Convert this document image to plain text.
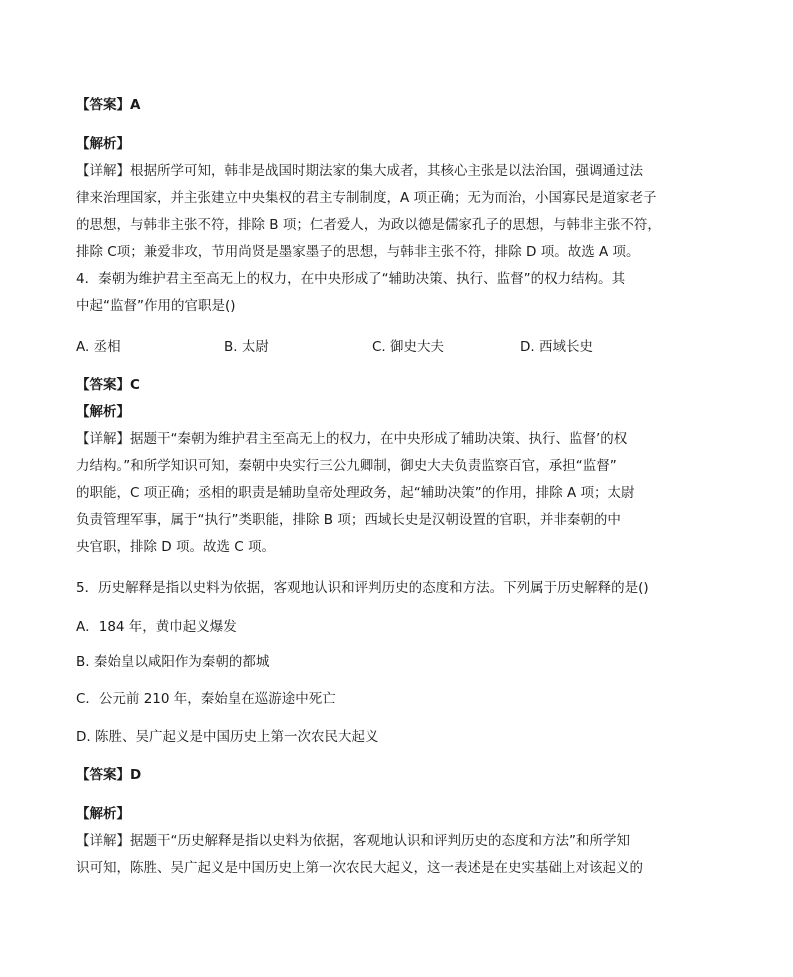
【答案】A
【解析】
【详解】根据所学可知，韩非是战国时期法家的集大成者，其核心主张是以法治国，强调通过法
律来治理国家，并主张建立中央集权的君主专制制度，A 项正确；无为而治，小国寡民是道家老子
的思想，与韩非主张不符，排除 B 项；仁者爱人，为政以德是儒家孔子的思想，与韩非主张不符，
排除 C项；兼爱非攻，节用尚贤是墨家墨子的思想，与韩非主张不符，排除 D 项。故选 A 项。
4．秦朝为维护君主至高无上的权力，在中央形成了“辅助决策、执行、监督”的权力结构。其
中起“监督”作用的官职是()
A. 丞相	B. 太尉	C. 御史大夫	D. 西域长史
【答案】C
【解析】
【详解】据题干“秦朝为维护君主至高无上的权力，在中央形成了辅助决策、执行、监督’的权
力结构。”和所学知识可知，秦朝中央实行三公九卿制，御史大夫负责监察百官，承担“监督”
的职能，C 项正确；丞相的职责是辅助皇帝处理政务，起“辅助决策”的作用，排除 A 项；太尉
负责管理军事，属于“执行”类职能，排除 B 项；西域长史是汉朝设置的官职，并非秦朝的中
央官职，排除 D 项。故选 C 项。
5．历史解释是指以史料为依据，客观地认识和评判历史的态度和方法。下列属于历史解释的是()
A．184 年，黄巾起义爆发
B. 秦始皇以咸阳作为秦朝的都城
C．公元前 210 年，秦始皇在巡游途中死亡
D. 陈胜、吴广起义是中国历史上第一次农民大起义
【答案】D
【解析】
【详解】据题干“历史解释是指以史料为依据，客观地认识和评判历史的态度和方法”和所学知
识可知，陈胜、吴广起义是中国历史上第一次农民大起义，这一表述是在史实基础上对该起义的
